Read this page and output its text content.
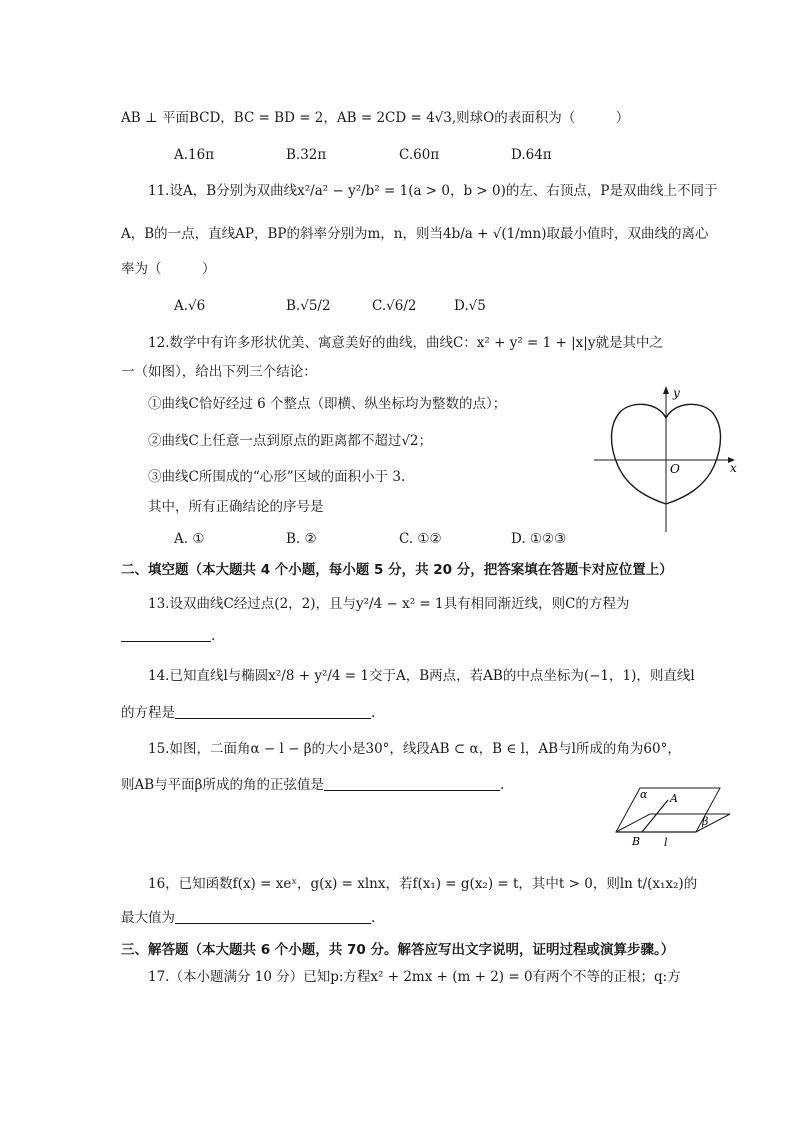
AB ⊥ 平面BCD，BC = BD = 2，AB = 2CD = 4√3,则球O的表面积为（　　　）
A.16π	B.32π	C.60π	D.64π
11.设A，B分别为双曲线x²/a² − y²/b² = 1(a > 0，b > 0)的左、右顶点，P是双曲线上不同于
A，B的一点，直线AP，BP的斜率分别为m，n，则当4b/a + √(1/mn)取最小值时，双曲线的离心
率为（　　　）
A.√6	B.√5/2	C.√6/2	D.√5
12.数学中有许多形状优美、寓意美好的曲线，曲线C：x² + y² = 1 + |x|y就是其中之
一（如图），给出下列三个结论：
①曲线C恰好经过 6 个整点（即横、纵坐标均为整数的点）；
②曲线C上任意一点到原点的距离都不超过√2；
③曲线C所围成的“心形”区域的面积小于 3.
其中，所有正确结论的序号是
A. ①	B. ②	C. ①②	D. ①②③
y
x
O
二、填空题（本大题共 4 个小题，每小题 5 分，共 20 分，把答案填在答题卡对应位置上）
13.设双曲线C经过点(2，2)，且与y²/4 − x² = 1具有相同渐近线，则C的方程为
.
14.已知直线l与椭圆x²/8 + y²/4 = 1交于A，B两点，若AB的中点坐标为(−1，1)，则直线l
的方程是	.
15.如图，二面角α − l − β的大小是30°，线段AB ⊂ α，B ∈ l，AB与l所成的角为60°，
则AB与平面β所成的角的正弦值是	.
α A
β
B l
16，已知函数f(x) = xeˣ，g(x) = xlnx，若f(x₁) = g(x₂) = t，其中t > 0，则ln t/(x₁x₂)的
最大值为	.
三、解答题（本大题共 6 个小题，共 70 分。解答应写出文字说明，证明过程或演算步骤。）
17.（本小题满分 10 分）已知p:方程x² + 2mx + (m + 2) = 0有两个不等的正根；q:方
